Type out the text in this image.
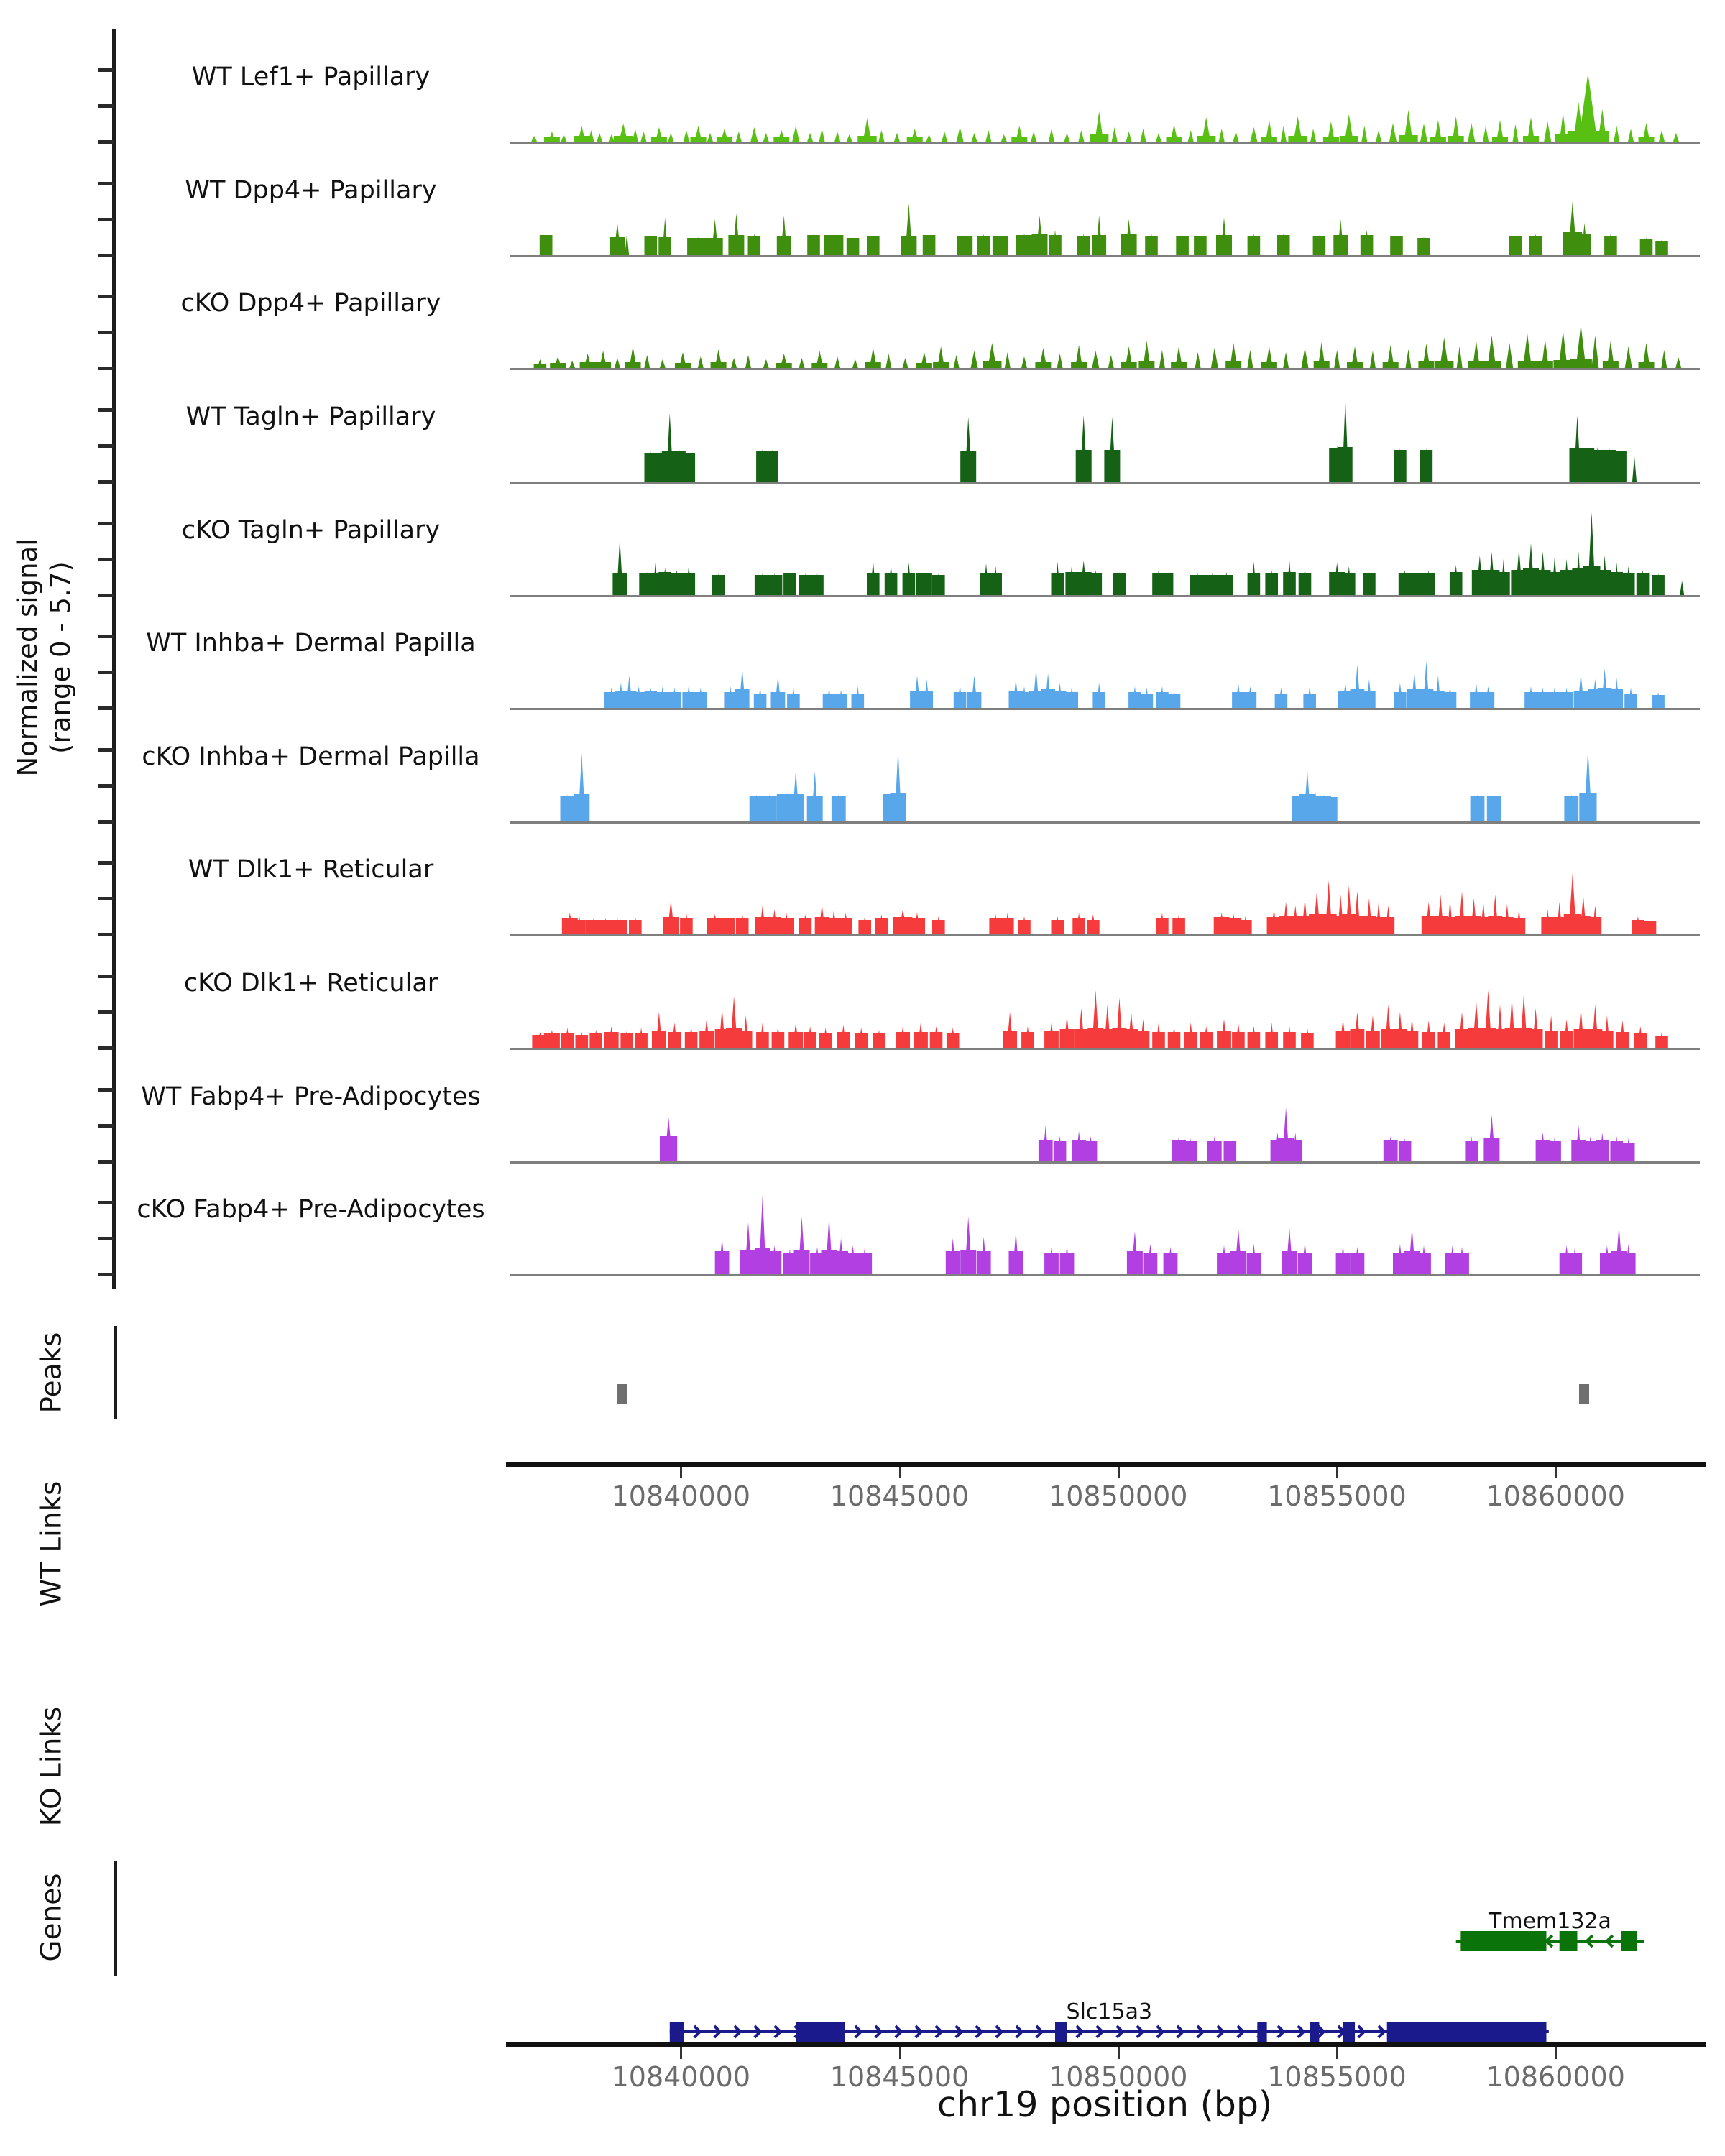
Normalized signal (range 0 - 5.7)
WT Lef1+ Papillary
WT Dpp4+ Papillary
cKO Dpp4+ Papillary
WT Tagln+ Papillary
cKO Tagln+ Papillary
WT Inhba+ Dermal Papilla
cKO Inhba+ Dermal Papilla
WT Dlk1+ Reticular
cKO Dlk1+ Reticular
WT Fabp4+ Pre-Adipocytes
cKO Fabp4+ Pre-Adipocytes
Peaks
10840000	10845000	10850000	10855000	10860000
WT Links
KO Links
Genes	Tmem132a
Slc15a3
10840000	10845000	10850000	10855000	10860000
chr19 position (bp)
